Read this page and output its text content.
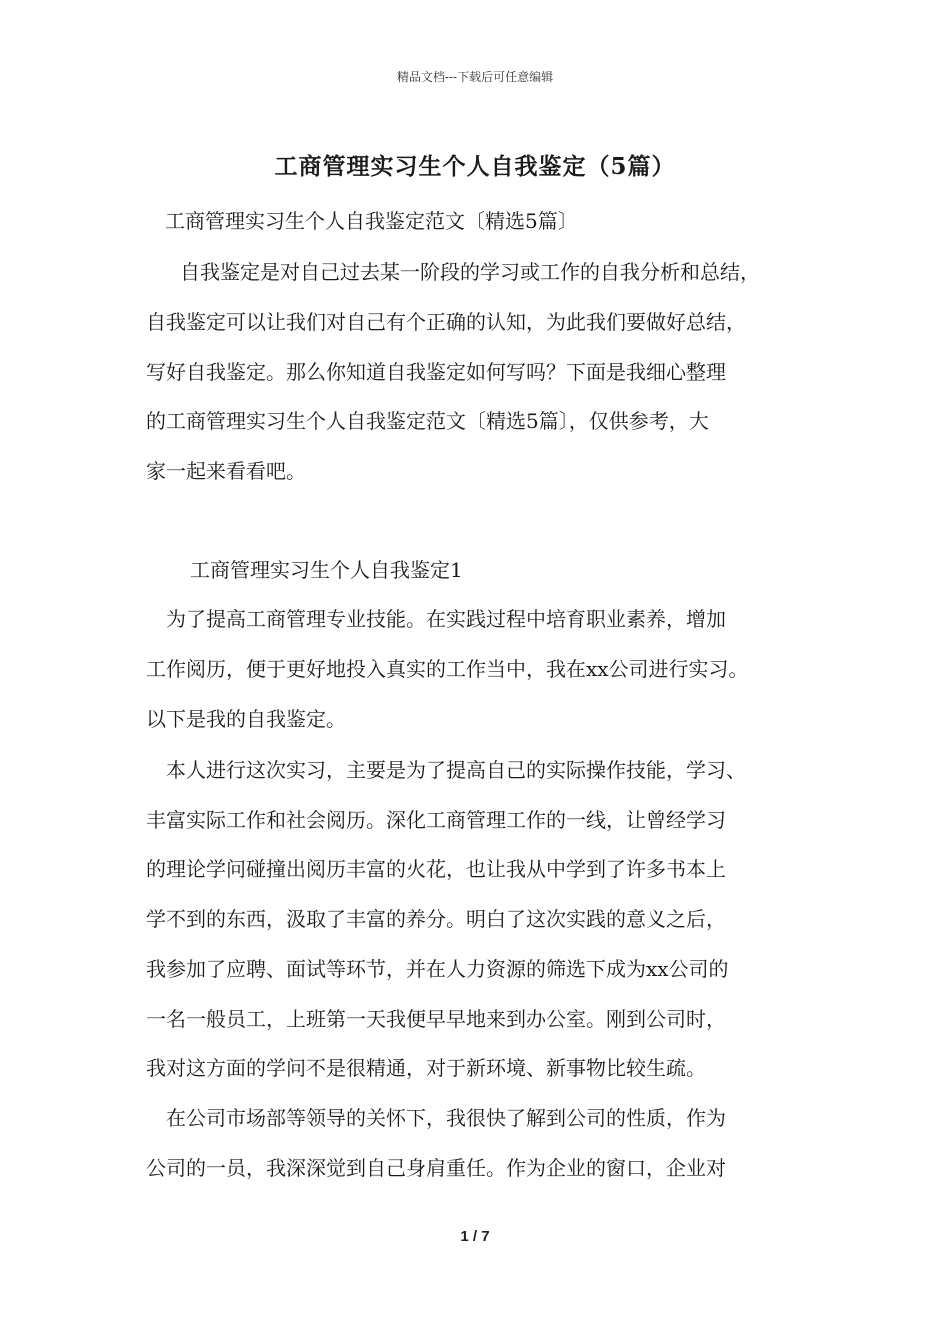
精品文档---下载后可任意编辑
工商管理实习生个人自我鉴定（5篇）
工商管理实习生个人自我鉴定范文〔精选5篇〕
自我鉴定是对自己过去某一阶段的学习或工作的自我分析和总结，
自我鉴定可以让我们对自己有个正确的认知，为此我们要做好总结，
写好自我鉴定。那么你知道自我鉴定如何写吗？下面是我细心整理
的工商管理实习生个人自我鉴定范文〔精选5篇〕，仅供参考，大
家一起来看看吧。
工商管理实习生个人自我鉴定1
为了提高工商管理专业技能。在实践过程中培育职业素养，增加
工作阅历，便于更好地投入真实的工作当中，我在xx公司进行实习。
以下是我的自我鉴定。
本人进行这次实习，主要是为了提高自己的实际操作技能，学习、
丰富实际工作和社会阅历。深化工商管理工作的一线，让曾经学习
的理论学问碰撞出阅历丰富的火花，也让我从中学到了许多书本上
学不到的东西，汲取了丰富的养分。明白了这次实践的意义之后，
我参加了应聘、面试等环节，并在人力资源的筛选下成为xx公司的
一名一般员工，上班第一天我便早早地来到办公室。刚到公司时，
我对这方面的学问不是很精通，对于新环境、新事物比较生疏。
在公司市场部等领导的关怀下，我很快了解到公司的性质，作为
公司的一员，我深深觉到自己身肩重任。作为企业的窗口，企业对
1 / 7
